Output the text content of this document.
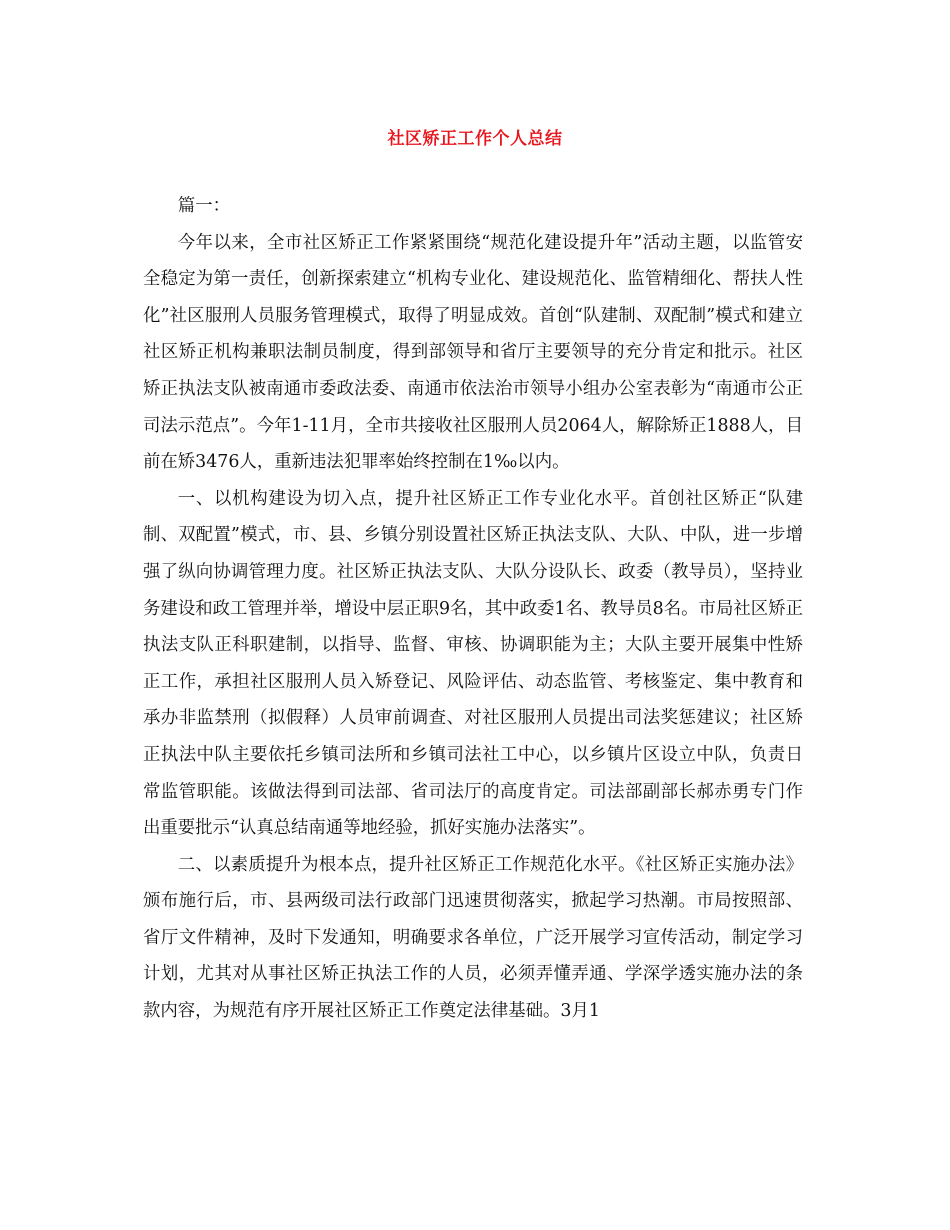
社区矫正工作个人总结

篇一：

今年以来，全市社区矫正工作紧紧围绕“规范化建设提升年”活动主题，以监管安全稳定为第一责任，创新探索建立“机构专业化、建设规范化、监管精细化、帮扶人性化”社区服刑人员服务管理模式，取得了明显成效。首创“队建制、双配制”模式和建立社区矫正机构兼职法制员制度，得到部领导和省厅主要领导的充分肯定和批示。社区矫正执法支队被南通市委政法委、南通市依法治市领导小组办公室表彰为“南通市公正司法示范点”。今年1-11月，全市共接收社区服刑人员2064人，解除矫正1888人，目前在矫3476人，重新违法犯罪率始终控制在1‰以内。

一、以机构建设为切入点，提升社区矫正工作专业化水平。首创社区矫正“队建制、双配置”模式，市、县、乡镇分别设置社区矫正执法支队、大队、中队，进一步增强了纵向协调管理力度。社区矫正执法支队、大队分设队长、政委（教导员），坚持业务建设和政工管理并举，增设中层正职9名，其中政委1名、教导员8名。市局社区矫正执法支队正科职建制，以指导、监督、审核、协调职能为主；大队主要开展集中性矫正工作，承担社区服刑人员入矫登记、风险评估、动态监管、考核鉴定、集中教育和承办非监禁刑（拟假释）人员审前调查、对社区服刑人员提出司法奖惩建议；社区矫正执法中队主要依托乡镇司法所和乡镇司法社工中心，以乡镇片区设立中队，负责日常监管职能。该做法得到司法部、省司法厅的高度肯定。司法部副部长郝赤勇专门作出重要批示“认真总结南通等地经验，抓好实施办法落实”。

二、以素质提升为根本点，提升社区矫正工作规范化水平。《社区矫正实施办法》颁布施行后，市、县两级司法行政部门迅速贯彻落实，掀起学习热潮。市局按照部、省厅文件精神，及时下发通知，明确要求各单位，广泛开展学习宣传活动，制定学习计划，尤其对从事社区矫正执法工作的人员，必须弄懂弄通、学深学透实施办法的条款内容，为规范有序开展社区矫正工作奠定法律基础。3月1
